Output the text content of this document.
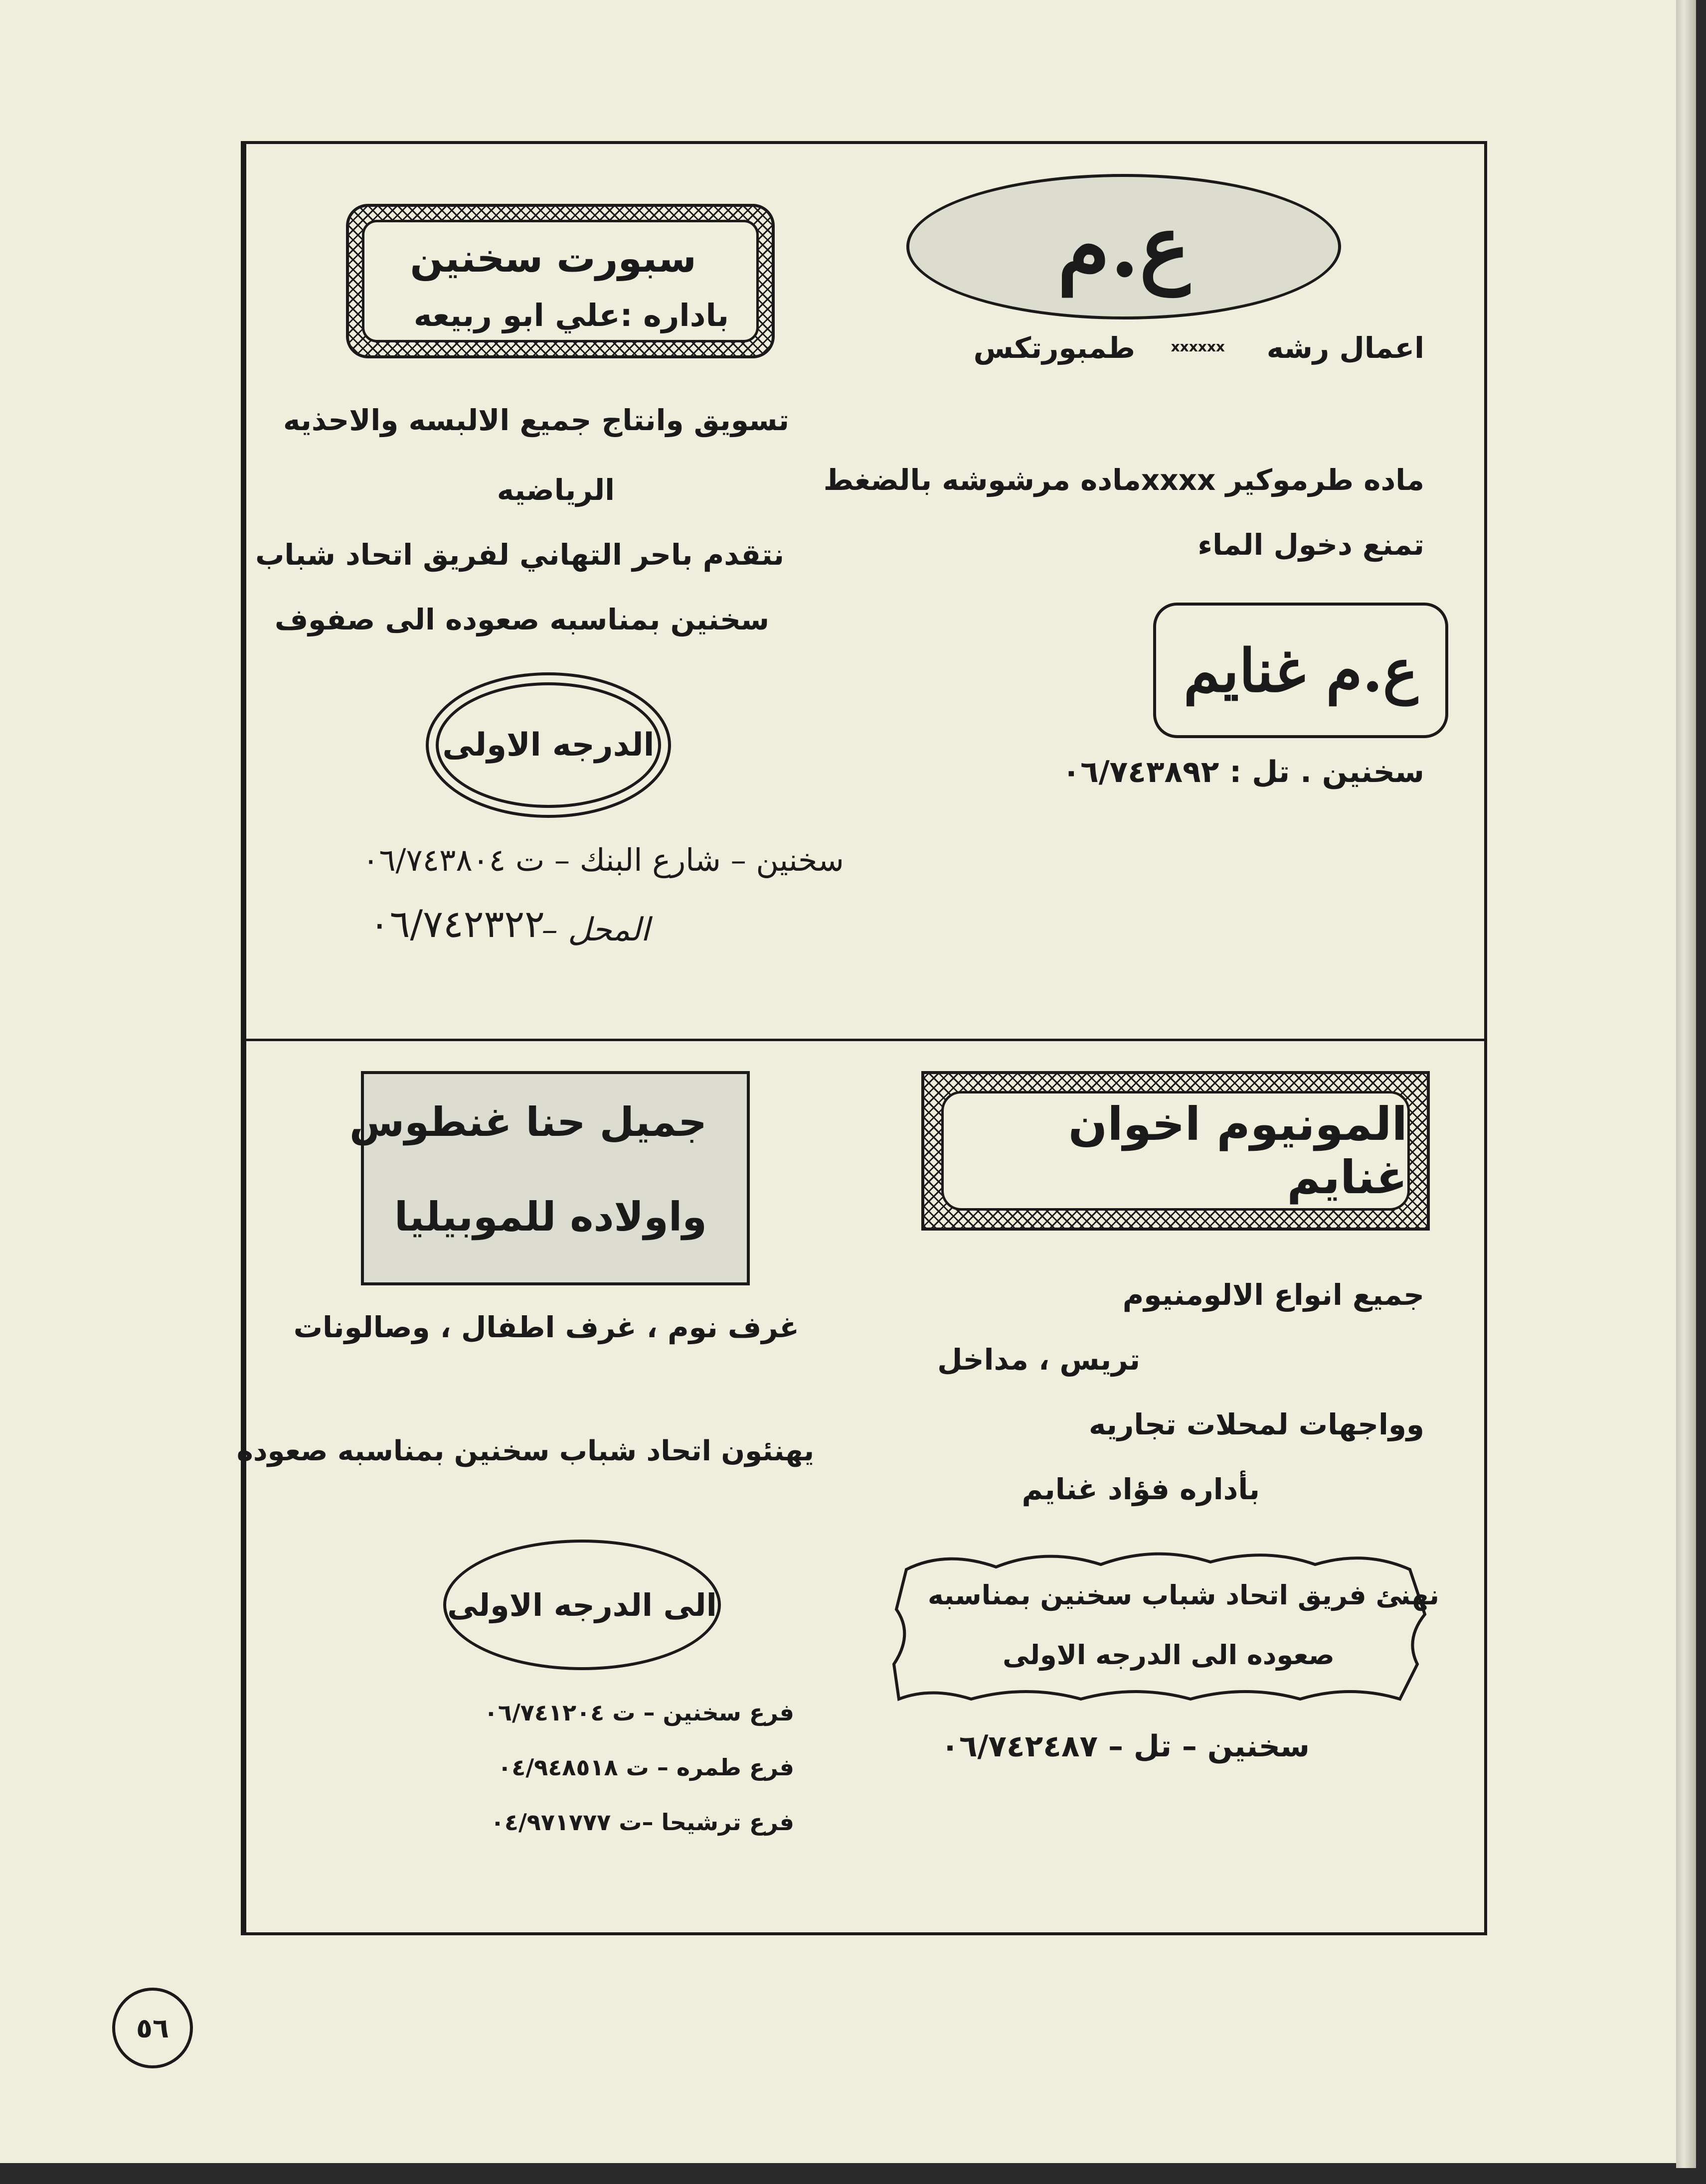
سبورت سخنين
باداره :علي ابو ربيعه
تسويق وانتاج جميع الالبسه والاحذيه
الرياضيه
نتقدم باحر التهاني لفريق اتحاد شباب
سخنين بمناسبه صعوده الى صفوف
الدرجه الاولى
سخنين – شارع البنك – ت ٠٦/٧٤٣٨٠٤
المحل –
٠٦/٧٤٢٣٢٢
ع.م
اعمال رشه
xxxxxx
طمبورتكس
ماده طرموكير xxxxماده مرشوشه بالضغط
تمنع دخول الماء
ع.م غنايم
سخنين . تل : ٠٦/٧٤٣٨٩٢
جميل حنا غنطوس
واولاده للموبيليا
غرف نوم ، غرف اطفال ، وصالونات
يهنئون اتحاد شباب سخنين بمناسبه صعوده
الى الدرجه الاولى
فرع سخنين – ت ٠٦/٧٤١٢٠٤
فرع طمره – ت ٠٤/٩٤٨٥١٨
فرع ترشيحا –ت ٠٤/٩٧١٧٧٧
المونيوم اخوان غنايم
جميع انواع الالومنيوم
تريس ، مداخل
وواجهات لمحلات تجاريه
بأداره فؤاد غنايم
نهنئ فريق اتحاد شباب سخنين بمناسبه
صعوده الى الدرجه الاولى
سخنين – تل – ٠٦/٧٤٢٤٨٧
٥٦
